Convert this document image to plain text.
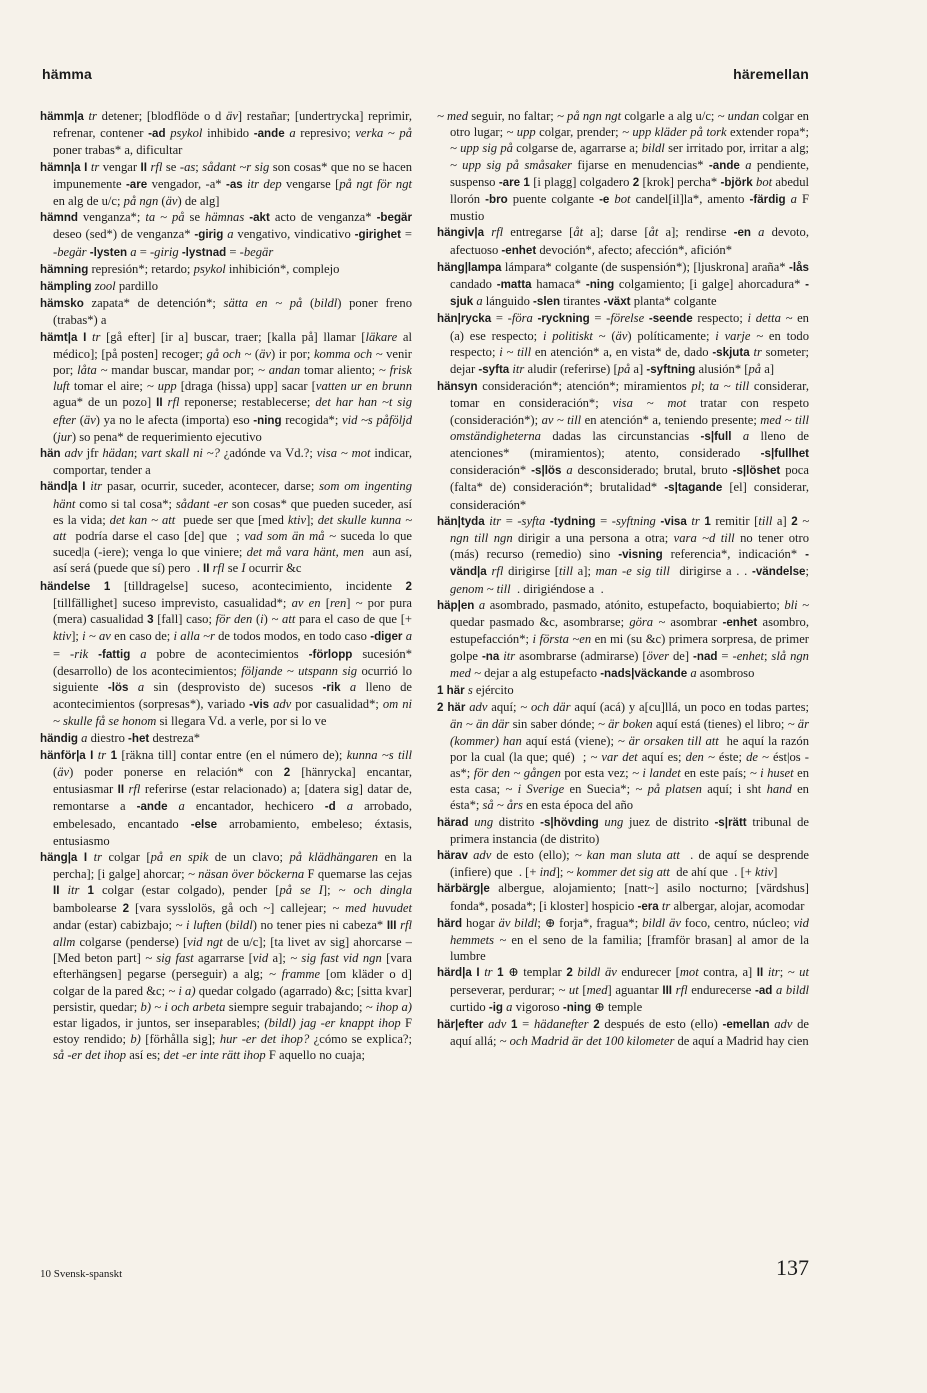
hämma	häremellan

hämm|a tr detener; [blodflöde o d äv] restañar; [undertrycka] reprimir, refrenar, contener -ad psykol inhibido -ande a represivo; verka ~ på poner trabas* a, dificultar

hämn|a I tr vengar II rfl se -as; sådant ~r sig son cosas* que no se hacen impunemente -are vengador, -a* -as itr dep vengarse [på ngt för ngt en alg de u/c; på ngn (äv) de alg]

hämnd venganza*; ta ~ på se hämnas -akt acto de venganza* -begär deseo (sed*) de venganza* -girig a vengativo, vindicativo -girighet = -begär -lysten a = -girig -lystnad = -begär

hämning represión*; retardo; psykol inhibición*, complejo

hämpling zool pardillo

hämsko zapata* de detención*; sätta en ~ på (bildl) poner freno (trabas*) a

hämt|a I tr [gå efter] [ir a] buscar, traer; [kalla på] llamar [läkare al médico]; [på posten] recoger; gå och ~ (äv) ir por; komma och ~ venir por; låta ~ mandar buscar, mandar por; ~ andan tomar aliento; ~ frisk luft tomar el aire; ~ upp [draga (hissa) upp] sacar [vatten ur en brunn agua* de un pozo] II rfl reponerse; restablecerse; det har han ~t sig efter (äv) ya no le afecta (importa) eso -ning recogida*; vid ~s påföljd (jur) so pena* de requerimiento ejecutivo

hän adv jfr hädan; vart skall ni ~? ¿adónde va Vd.?; visa ~ mot indicar, comportar, tender a

händ|a I itr pasar, ocurrir, suceder, acontecer, darse; som om ingenting hänt como si tal cosa*; sådant -er son cosas* que pueden suceder, así es la vida; det kan ~ att  puede ser que [med ktiv]; det skulle kunna ~ att  podría darse el caso [de] que  ; vad som än må ~ suceda lo que suced|a (-iere); venga lo que viniere; det må vara hänt, men  aun así, así será (puede que sí) pero  . II rfl se I ocurrir &c

händelse 1 [tilldragelse] suceso, acontecimiento, incidente 2 [tillfällighet] suceso imprevisto, casualidad*; av en [ren] ~ por pura (mera) casualidad 3 [fall] caso; för den (i) ~ att para el caso de que [+ ktiv]; i ~ av en caso de; i alla ~r de todos modos, en todo caso -diger a = -rik -fattig a pobre de acontecimientos -förlopp sucesión* (desarrollo) de los acontecimientos; följande ~ utspann sig ocurrió lo siguiente -lös a sin (desprovisto de) sucesos -rik a lleno de acontecimientos (sorpresas*), variado -vis adv por casualidad*; om ni ~ skulle få se honom si llegara Vd. a verle, por si lo ve

händig a diestro -het destreza*

hänför|a I tr 1 [räkna till] contar entre (en el número de); kunna ~s till (äv) poder ponerse en relación* con 2 [hänrycka] encantar, entusiasmar II rfl referirse (estar relacionado) a; [datera sig] datar de, remontarse a -ande a encantador, hechicero -d a arrobado, embelesado, encantado -else arrobamiento, embeleso; éxtasis, entusiasmo

häng|a I tr colgar [på en spik de un clavo; på klädhängaren en la percha]; [i galge] ahorcar; ~ näsan över böckerna F quemarse las cejas II itr 1 colgar (estar colgado), pender [på se I]; ~ och dingla bambolearse 2 [vara sysslolös, gå och ~] callejear; ~ med huvudet andar (estar) cabizbajo; ~ i luften (bildl) no tener pies ni cabeza* III rfl allm colgarse (penderse) [vid ngt de u/c]; [ta livet av sig] ahorcarse – [Med beton part] ~ sig fast agarrarse [vid a]; ~ sig fast vid ngn [vara efterhängsen] pegarse (perseguir) a alg; ~ framme [om kläder o d] colgar de la pared &c; ~ i a) quedar colgado (agarrado) &c; [sitta kvar] persistir, quedar; b) ~ i och arbeta siempre seguir trabajando; ~ ihop a) estar ligados, ir juntos, ser inseparables; (bildl) jag -er knappt ihop F estoy rendido; b) [förhålla sig]; hur -er det ihop? ¿cómo se explica?; så -er det ihop así es; det -er inte rätt ihop F aquello no cuaja;

~ med seguir, no faltar; ~ på ngn ngt colgarle a alg u/c; ~ undan colgar en otro lugar; ~ upp colgar, prender; ~ upp kläder på tork extender ropa*; ~ upp sig på colgarse de, agarrarse a; bildl ser irritado por, irritar a alg; ~ upp sig på småsaker fijarse en menudencias* -ande a pendiente, suspenso -are 1 [i plagg] colgadero 2 [krok] percha* -björk bot abedul llorón -bro puente colgante -e bot candel[il]la*, amento -färdig a F mustio

hängiv|a rfl entregarse [åt a]; darse [åt a]; rendirse -en a devoto, afectuoso -enhet devoción*, afecto; afección*, afición*

häng|lampa lámpara* colgante (de suspensión*); [ljuskrona] araña* -lås candado -matta hamaca* -ning colgamiento; [i galge] ahorcadura* -sjuk a lánguido -slen tirantes -växt planta* colgante

hän|rycka = -föra -ryckning = -förelse -seende respecto; i detta ~ en (a) ese respecto; i politiskt ~ (äv) políticamente; i varje ~ en todo respecto; i ~ till en atención* a, en vista* de, dado -skjuta tr someter; dejar -syfta itr aludir (referirse) [på a] -syftning alusión* [på a]

hänsyn consideración*; atención*; miramientos pl; ta ~ till considerar, tomar en consideración*; visa ~ mot tratar con respeto (consideración*); av ~ till en atención* a, teniendo presente; med ~ till omständigheterna dadas las circunstancias -s|full a lleno de atenciones* (miramientos); atento, considerado -s|fullhet consideración* -s|lös a desconsiderado; brutal, bruto -s|löshet poca (falta* de) consideración*; brutalidad* -s|tagande [el] considerar, consideración*

hän|tyda itr = -syfta -tydning = -syftning -visa tr 1 remitir [till a] 2 ~ ngn till ngn dirigir a una persona a otra; vara ~d till no tener otro (más) recurso (remedio) sino -visning referencia*, indicación* -vänd|a rfl dirigirse [till a]; man -e sig till  dirigirse a . . -vändelse; genom ~ till  . dirigiéndose a  .

häp|en a asombrado, pasmado, atónito, estupefacto, boquiabierto; bli ~ quedar pasmado &c, asombrarse; göra ~ asombrar -enhet asombro, estupefacción*; i första ~en en mi (su &c) primera sorpresa, de primer golpe -na itr asombrarse (admirarse) [över de] -nad = -enhet; slå ngn med ~ dejar a alg estupefacto -nads|väckande a asombroso

1 här s ejército

2 här adv aquí; ~ och där aquí (acá) y a[cu]llá, un poco en todas partes; än ~ än där sin saber dónde; ~ är boken aquí está (tienes) el libro; ~ är (kommer) han aquí está (viene); ~ är orsaken till att  he aquí la razón por la cual (la que; qué)  ; ~ var det aquí es; den ~ éste; de ~ ést|os -as*; för den ~ gången por esta vez; ~ i landet en este país; ~ i huset en esta casa; ~ i Sverige en Suecia*; ~ på platsen aquí; i sht hand en ésta*; så ~ års en esta época del año

härad ung distrito -s|hövding ung juez de distrito -s|rätt tribunal de primera instancia (de distrito)

härav adv de esto (ello); ~ kan man sluta att  . de aquí se desprende (infiere) que  . [+ ind]; ~ kommer det sig att  de ahí que  . [+ ktiv]

härbärg|e albergue, alojamiento; [natt~] asilo nocturno; [värdshus] fonda*, posada*; [i kloster] hospicio -era tr albergar, alojar, acomodar

härd hogar äv bildl; ⊕ forja*, fragua*; bildl äv foco, centro, núcleo; vid hemmets ~ en el seno de la familia; [framför brasan] al amor de la lumbre

härd|a I tr 1 ⊕ templar 2 bildl äv endurecer [mot contra, a] II itr; ~ ut perseverar, perdurar; ~ ut [med] aguantar III rfl endurecerse -ad a bildl curtido -ig a vigoroso -ning ⊕ temple

här|efter adv 1 = hädanefter 2 después de esto (ello) -emellan adv de aquí allá; ~ och Madrid är det 100 kilometer de aquí a Madrid hay cien

10 Svensk-spanskt	137
